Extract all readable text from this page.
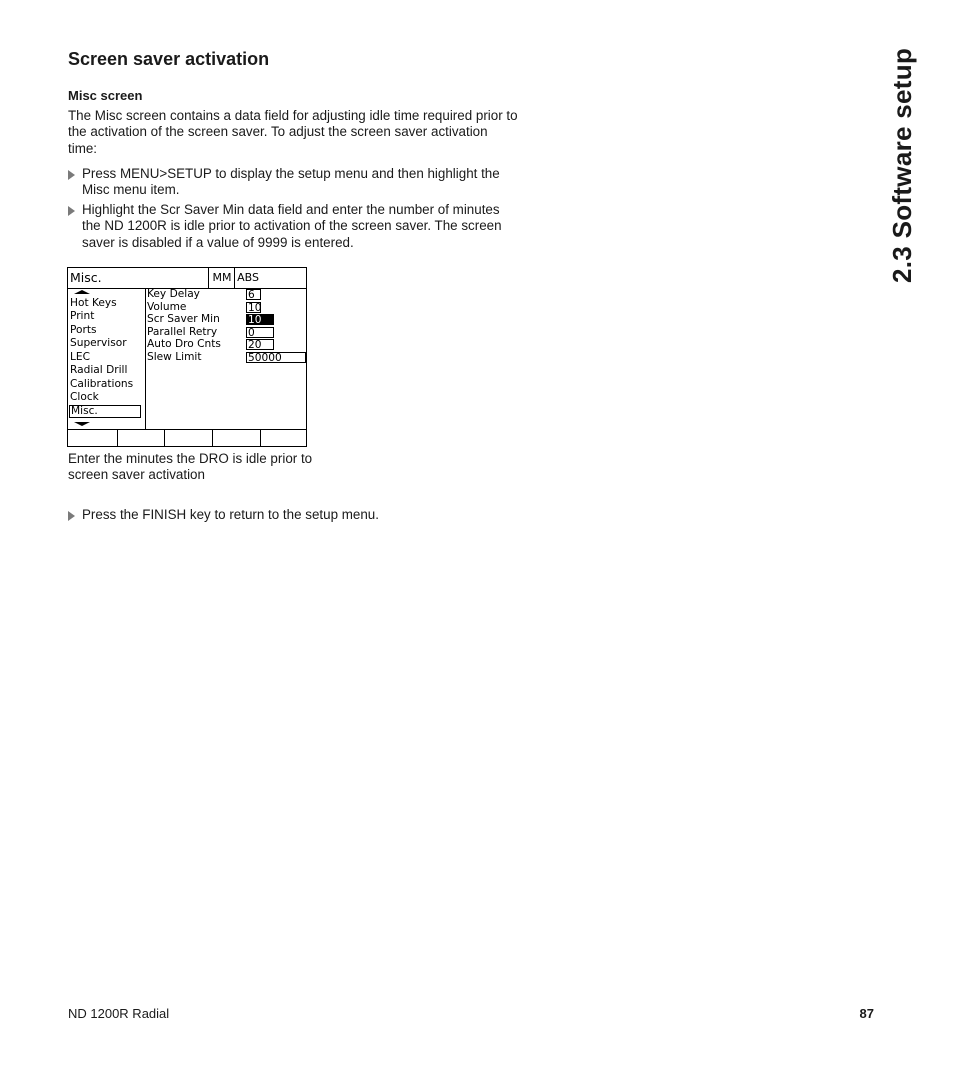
Screen saver activation
Misc screen

The Misc screen contains a data field for adjusting idle time required prior to the activation of the screen saver. To adjust the screen saver activation time:

Press MENU>SETUP to display the setup menu and then highlight the Misc menu item.
Highlight the Scr Saver Min data field and enter the number of minutes the ND 1200R is idle prior to activation of the screen saver. The screen saver is disabled if a value of 9999 is entered.
Misc.	MM ABS
Hot Keys
Print
Ports
Supervisor
LEC
Radial Drill
Calibrations
Clock
Misc.
Key Delay
Volume
Scr Saver Min
Parallel Retry
Auto Dro Cnts
Slew Limit
6
10
10
0
20
50000
Enter the minutes the DRO is idle prior to screen saver activation
Press the FINISH key to return to the setup menu.
2.3 Software setup
ND 1200R Radial	87
